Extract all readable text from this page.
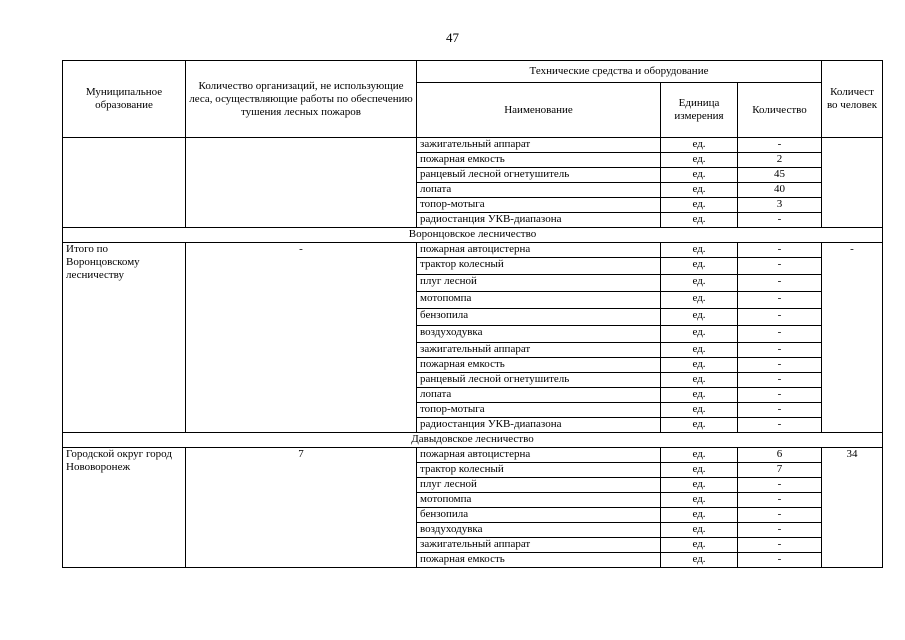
47
Муниципальное образование	Количество организаций, не использующие леса, осуществляющие работы по обеспечению тушения лесных пожаров	Технические средства и оборудование			Количест во человек
		Наименование	Единица измерения	Количество	
		зажигательный аппарат	ед.	-	
		пожарная емкость	ед.	2	
		ранцевый лесной огнетушитель	ед.	45	
		лопата	ед.	40	
		топор-мотыга	ед.	3	
		радиостанция УКВ-диапазона	ед.	-	
Воронцовское лесничество					
Итого по Воронцовскому лесничеству	-	пожарная автоцистерна	ед.	-	-
		трактор колесный	ед.	-	
		плуг лесной	ед.	-	
		мотопомпа	ед.	-	
		бензопила	ед.	-	
		воздуходувка	ед.	-	
		зажигательный аппарат	ед.	-	
		пожарная емкость	ед.	-	
		ранцевый лесной огнетушитель	ед.	-	
		лопата	ед.	-	
		топор-мотыга	ед.	-	
		радиостанция УКВ-диапазона	ед.	-	
Давыдовское лесничество					
Городской округ город Нововоронеж	7	пожарная автоцистерна	ед.	6	34
		трактор колесный	ед.	7	
		плуг лесной	ед.	-	
		мотопомпа	ед.	-	
		бензопила	ед.	-	
		воздуходувка	ед.	-	
		зажигательный аппарат	ед.	-	
		пожарная емкость	ед.	-	
